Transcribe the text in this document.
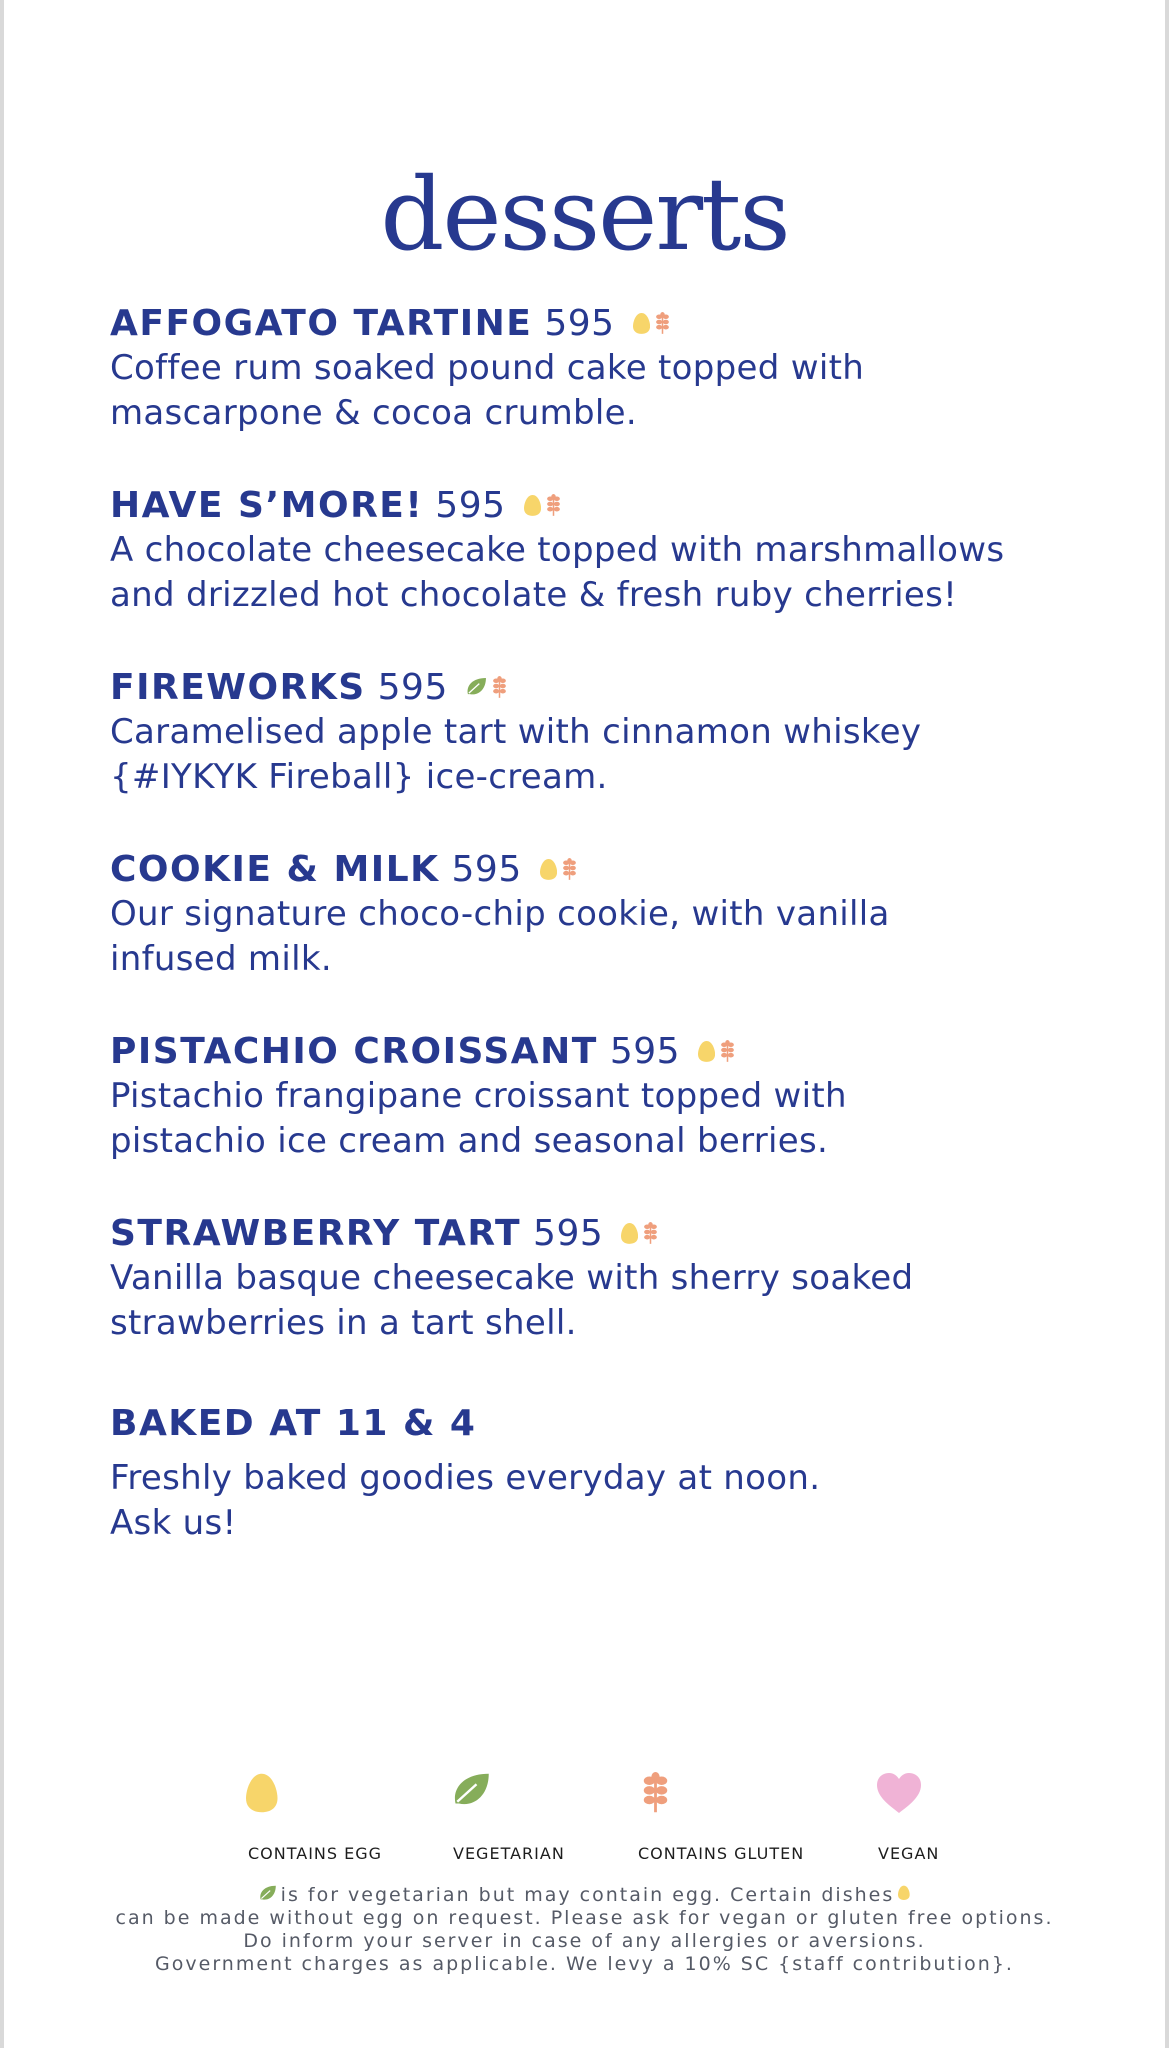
desserts
AFFOGATO TARTINE 595
Coffee rum soaked pound cake topped with
mascarpone & cocoa crumble.
HAVE S’MORE! 595
A chocolate cheesecake topped with marshmallows
and drizzled hot chocolate & fresh ruby cherries!
FIREWORKS 595
Caramelised apple tart with cinnamon whiskey
{#IYKYK Fireball} ice-cream.
COOKIE & MILK 595
Our signature choco-chip cookie, with vanilla
infused milk.
PISTACHIO CROISSANT 595
Pistachio frangipane croissant topped with
pistachio ice cream and seasonal berries.
STRAWBERRY TART 595
Vanilla basque cheesecake with sherry soaked
strawberries in a tart shell.
BAKED AT 11 & 4
Freshly baked goodies everyday at noon.
Ask us!
CONTAINS EGG	VEGETARIAN	CONTAINS GLUTEN	VEGAN
is for vegetarian but may contain egg. Certain dishes
can be made without egg on request. Please ask for vegan or gluten free options.
Do inform your server in case of any allergies or aversions.
Government charges as applicable. We levy a 10% SC {staff contribution}.
